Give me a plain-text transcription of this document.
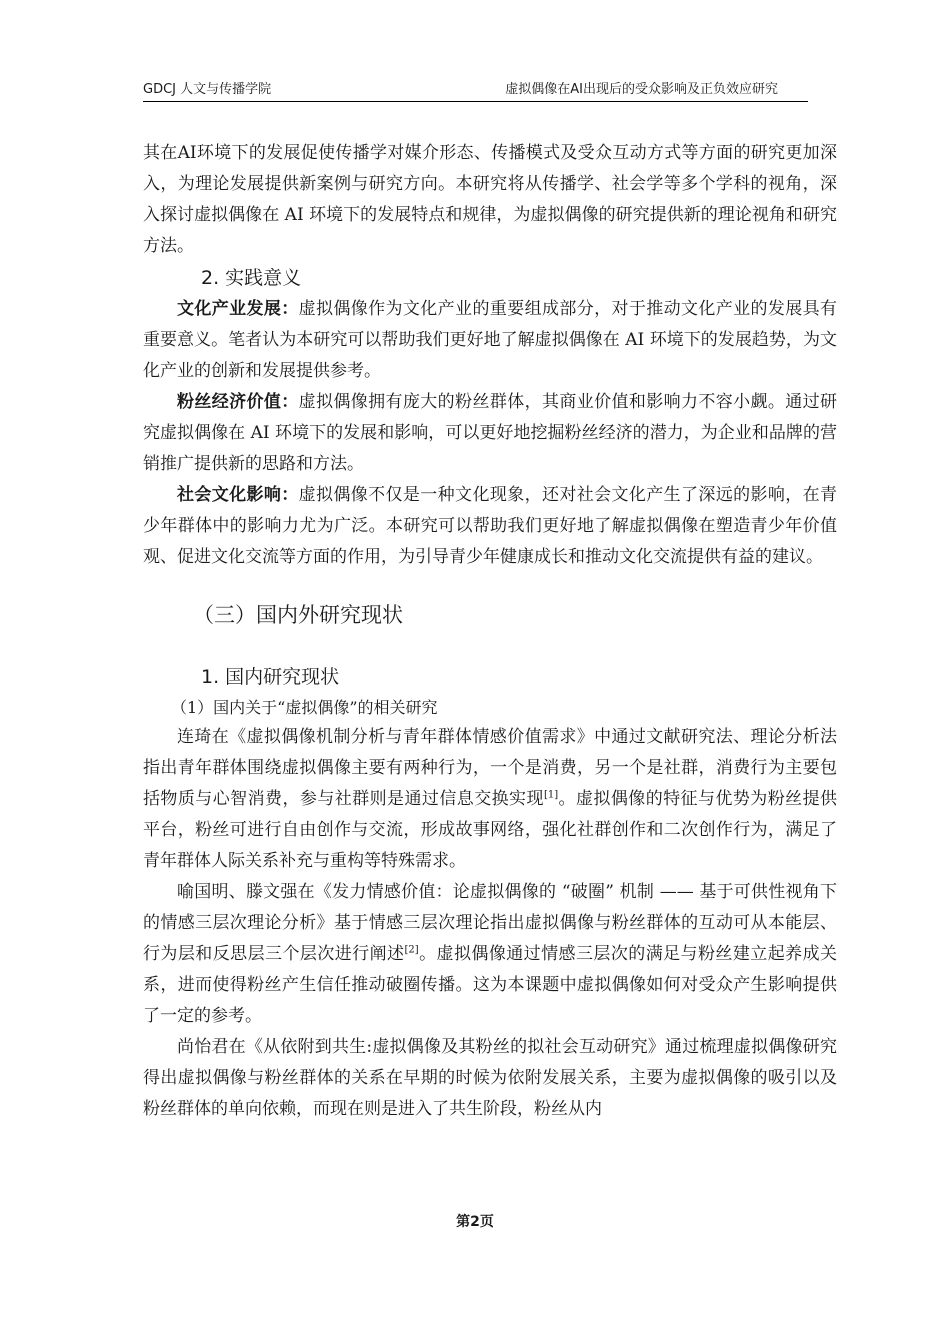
GDCJ 人文与传播学院	虚拟偶像在AI出现后的受众影响及正负效应研究

其在AI环境下的发展促使传播学对媒介形态、传播模式及受众互动方式等方面的研究更加深入，为理论发展提供新案例与研究方向。本研究将从传播学、社会学等多个学科的视角，深入探讨虚拟偶像在 AI 环境下的发展特点和规律，为虚拟偶像的研究提供新的理论视角和研究方法。

2. 实践意义

文化产业发展：虚拟偶像作为文化产业的重要组成部分，对于推动文化产业的发展具有重要意义。笔者认为本研究可以帮助我们更好地了解虚拟偶像在 AI 环境下的发展趋势，为文化产业的创新和发展提供参考。

粉丝经济价值：虚拟偶像拥有庞大的粉丝群体，其商业价值和影响力不容小觑。通过研究虚拟偶像在 AI 环境下的发展和影响，可以更好地挖掘粉丝经济的潜力，为企业和品牌的营销推广提供新的思路和方法。

社会文化影响：虚拟偶像不仅是一种文化现象，还对社会文化产生了深远的影响，在青少年群体中的影响力尤为广泛。本研究可以帮助我们更好地了解虚拟偶像在塑造青少年价值观、促进文化交流等方面的作用，为引导青少年健康成长和推动文化交流提供有益的建议。

（三）国内外研究现状
1. 国内研究现状
（1）国内关于“虚拟偶像”的相关研究

连琦在《虚拟偶像机制分析与青年群体情感价值需求》中通过文献研究法、理论分析法指出青年群体围绕虚拟偶像主要有两种行为，一个是消费，另一个是社群，消费行为主要包括物质与心智消费，参与社群则是通过信息交换实现[1]。虚拟偶像的特征与优势为粉丝提供平台，粉丝可进行自由创作与交流，形成故事网络，强化社群创作和二次创作行为，满足了青年群体人际关系补充与重构等特殊需求。

喻国明、滕文强在《发力情感价值：论虚拟偶像的 “破圈” 机制 —— 基于可供性视角下的情感三层次理论分析》基于情感三层次理论指出虚拟偶像与粉丝群体的互动可从本能层、行为层和反思层三个层次进行阐述[2]。虚拟偶像通过情感三层次的满足与粉丝建立起养成关系，进而使得粉丝产生信任推动破圈传播。这为本课题中虚拟偶像如何对受众产生影响提供了一定的参考。

尚怡君在《从依附到共生:虚拟偶像及其粉丝的拟社会互动研究》通过梳理虚拟偶像研究得出虚拟偶像与粉丝群体的关系在早期的时候为依附发展关系，主要为虚拟偶像的吸引以及粉丝群体的单向依赖，而现在则是进入了共生阶段，粉丝从内

第2页
